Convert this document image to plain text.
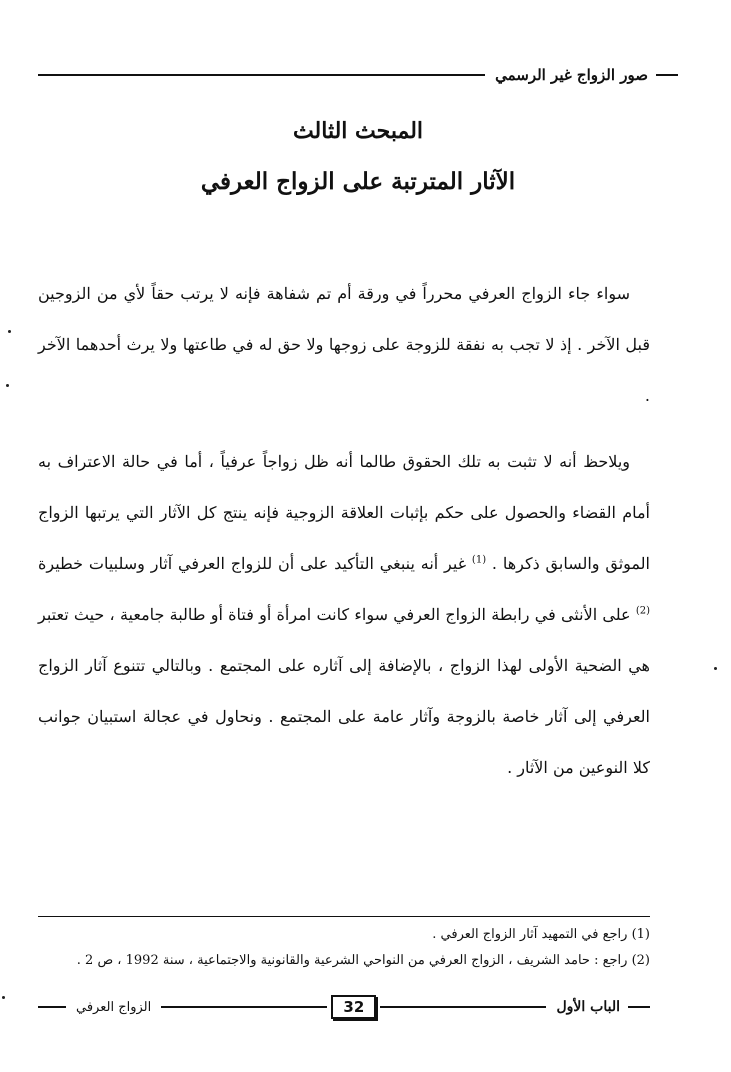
صور الزواج غير الرسمي
المبحث الثالث
الآثار المترتبة على الزواج العرفي

سواء جاء الزواج العرفي محرراً في ورقة أم تم شفاهة فإنه لا يرتب حقاً لأي من الزوجين قبل الآخر . إذ لا تجب به نفقة للزوجة على زوجها ولا حق له في طاعتها ولا يرث أحدهما الآخر .

ويلاحظ أنه لا تثبت به تلك الحقوق طالما أنه ظل زواجاً عرفياً ، أما في حالة الاعتراف به أمام القضاء والحصول على حكم بإثبات العلاقة الزوجية فإنه ينتج كل الآثار التي يرتبها الزواج الموثق والسابق ذكرها . $^{(1)}$ غير أنه ينبغي التأكيد على أن للزواج العرفي آثار وسلبيات خطيرة $^{(2)}$ على الأنثى في رابطة الزواج العرفي سواء كانت امرأة أو فتاة أو طالبة جامعية ، حيث تعتبر هي الضحية الأولى لهذا الزواج ، بالإضافة إلى آثاره على المجتمع . وبالتالي تتنوع آثار الزواج العرفي إلى آثار خاصة بالزوجة وآثار عامة على المجتمع . ونحاول في عجالة استبيان جوانب كلا النوعين من الآثار .

(1) راجع في التمهيد آثار الزواج العرفي .
(2) راجع : حامد الشريف ، الزواج العرفي من النواحي الشرعية والقانونية والاجتماعية ، سنة 1992 ، ص 2 .
الباب الأول
32
الزواج العرفي
